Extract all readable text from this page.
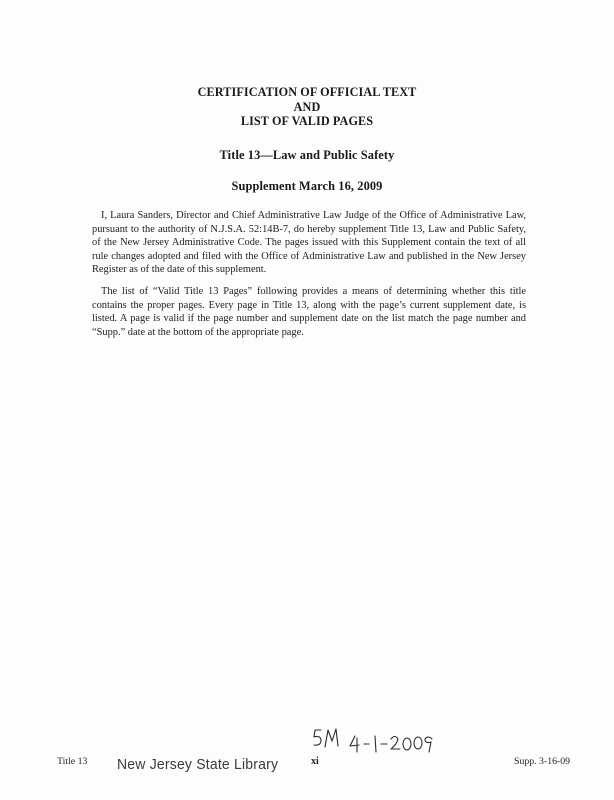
CERTIFICATION OF OFFICIAL TEXT
AND
LIST OF VALID PAGES
Title 13—Law and Public Safety
Supplement March 16, 2009
I, Laura Sanders, Director and Chief Administrative Law Judge of the Office of Administrative Law, pursuant to the authority of N.J.S.A. 52:14B-7, do hereby supplement Title 13, Law and Public Safety, of the New Jersey Administrative Code. The pages issued with this Supplement contain the text of all rule changes adopted and filed with the Office of Administrative Law and published in the New Jersey Register as of the date of this supplement.
The list of “Valid Title 13 Pages” following provides a means of determining whether this title contains the proper pages. Every page in Title 13, along with the page’s current supplement date, is listed. A page is valid if the page number and supplement date on the list match the page number and “Supp.” date at the bottom of the appropriate page.
Title 13 New Jersey State Library	xi	Supp. 3-16-09
